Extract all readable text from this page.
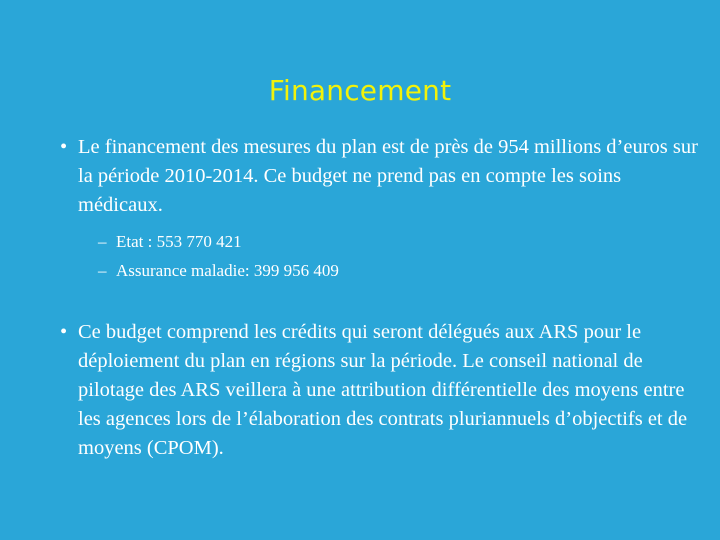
Financement
• Le financement des mesures du plan est de près de 954 millions d’euros sur la période 2010-2014. Ce budget ne prend pas en compte les soins médicaux.
– Etat : 553 770 421
– Assurance maladie: 399 956 409
• Ce budget comprend les crédits qui seront délégués aux ARS pour le déploiement du plan en régions sur la période. Le conseil national de pilotage des ARS veillera à une attribution différentielle des moyens entre les agences lors de l’élaboration des contrats pluriannuels d’objectifs et de moyens (CPOM).
